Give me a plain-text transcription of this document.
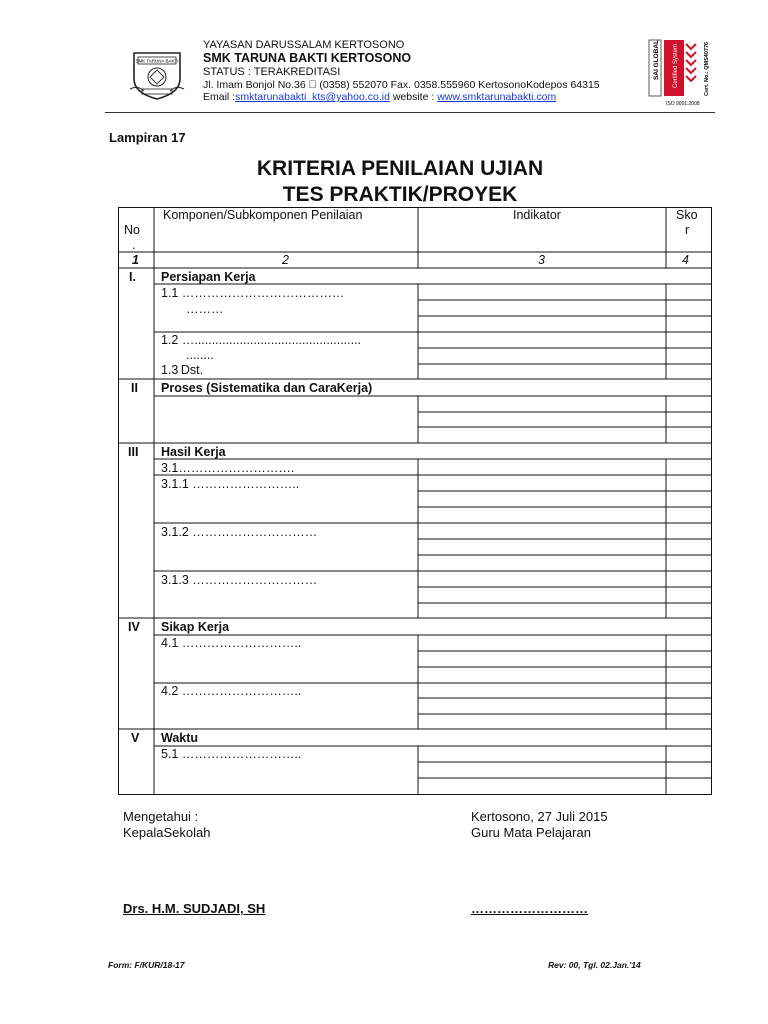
SMK TARUNA BAKTI
YAYASAN DARUSSALAM KERTOSONO
SMK TARUNA BAKTI KERTOSONO
STATUS : TERAKREDITASI
Jl. Imam Bonjol No.36   (0358) 552070 Fax. 0358.555960 KertosonoKodepos 64315
Email :smktarunabakti_kts@yahoo.co.id website : www.smktarunabakti.com
SAI GLOBAL Certified System	Cert. No.: QMS40776
ISO 9001:2008
Lampiran 17
KRITERIA PENILAIAN UJIAN
TES PRAKTIK/PROYEK
No
.
Komponen/Subkomponen Penilaian	Indikator	Sko
r
1	2	3	4
I. Persiapan Kerja
1.1 …………………………………
………
1.2 …................................................
........
1.3 Dst.
II Proses (Sistematika dan CaraKerja)
III Hasil Kerja
3.1……………………….
3.1.1 ……………………..
3.1.2 …………………………
3.1.3 …………………………
IV Sikap Kerja
4.1 ………………………..
4.2 ………………………..
V Waktu
5.1 ………………………..
Mengetahui :
KepalaSekolah
Kertosono, 27 Juli 2015
Guru Mata Pelajaran
Drs. H.M. SUDJADI, SH	………………………
Form: F/KUR/18-17	Rev: 00, Tgl. 02.Jan.'14
